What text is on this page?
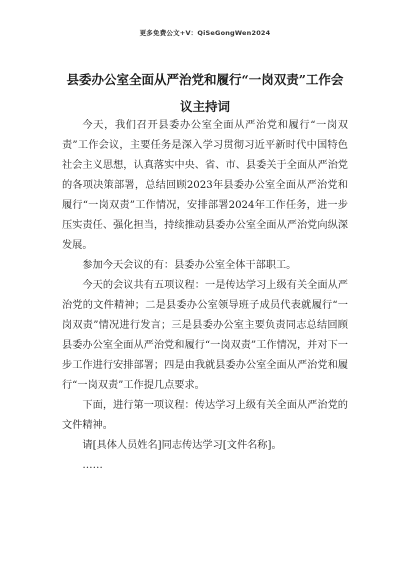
更多免费公文+V：QiSeGongWen2024
县委办公室全面从严治党和履行“一岗双责”工作会议主持词

今天，我们召开县委办公室全面从严治党和履行“一岗双责”工作会议，主要任务是深入学习贯彻习近平新时代中国特色社会主义思想，认真落实中央、省、市、县委关于全面从严治党的各项决策部署，总结回顾2023年县委办公室全面从严治党和履行“一岗双责”工作情况，安排部署2024年工作任务，进一步压实责任、强化担当，持续推动县委办公室全面从严治党向纵深发展。

参加今天会议的有：县委办公室全体干部职工。

今天的会议共有五项议程：一是传达学习上级有关全面从严治党的文件精神；二是县委办公室领导班子成员代表就履行“一岗双责”情况进行发言；三是县委办公室主要负责同志总结回顾县委办公室全面从严治党和履行“一岗双责”工作情况，并对下一步工作进行安排部署；四是由我就县委办公室全面从严治党和履行“一岗双责”工作提几点要求。

下面，进行第一项议程：传达学习上级有关全面从严治党的文件精神。

请[具体人员姓名]同志传达学习[文件名称]。

……
